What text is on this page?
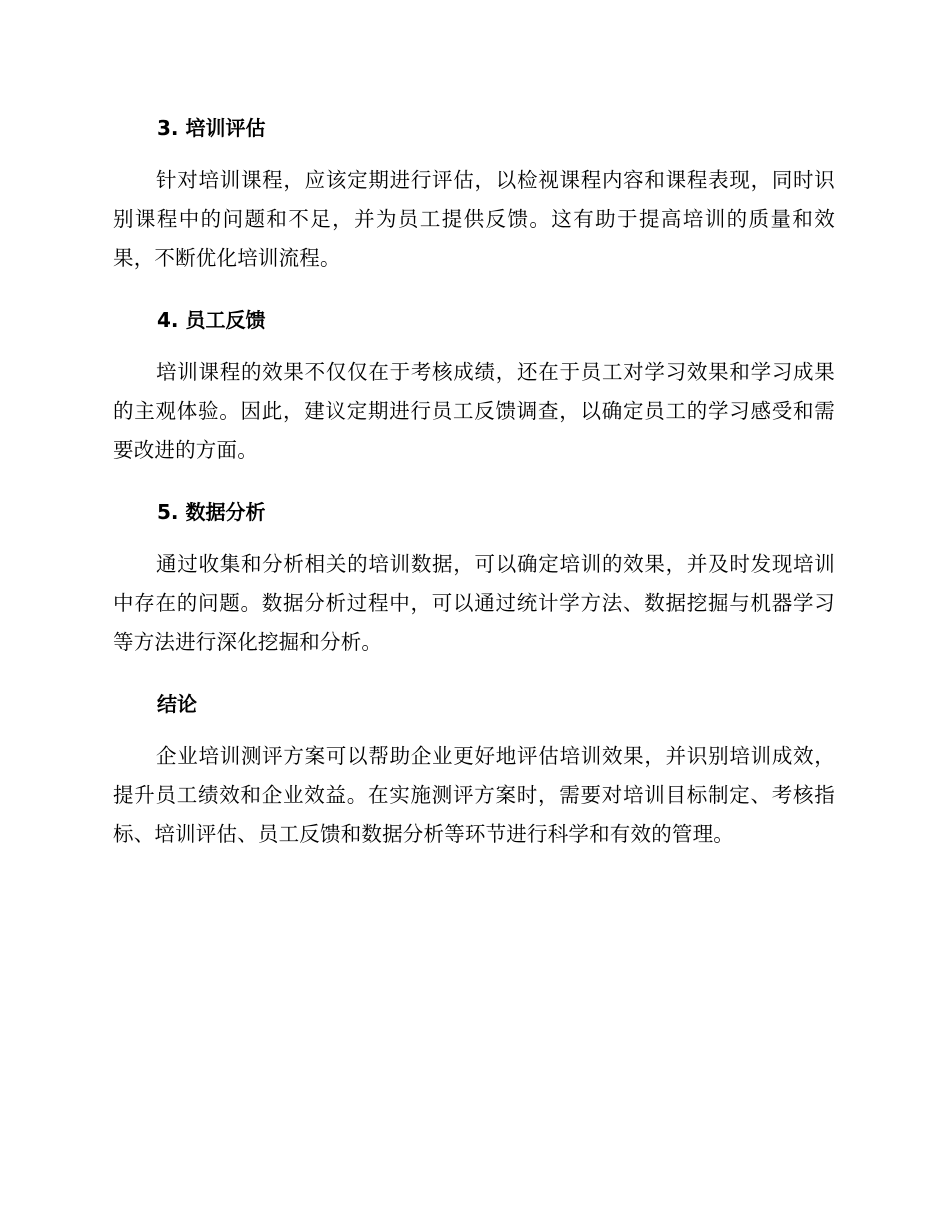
3. 培训评估

针对培训课程，应该定期进行评估，以检视课程内容和课程表现，同时识别课程中的问题和不足，并为员工提供反馈。这有助于提高培训的质量和效果，不断优化培训流程。

4. 员工反馈

培训课程的效果不仅仅在于考核成绩，还在于员工对学习效果和学习成果的主观体验。因此，建议定期进行员工反馈调查，以确定员工的学习感受和需要改进的方面。

5. 数据分析

通过收集和分析相关的培训数据，可以确定培训的效果，并及时发现培训中存在的问题。数据分析过程中，可以通过统计学方法、数据挖掘与机器学习等方法进行深化挖掘和分析。

结论

企业培训测评方案可以帮助企业更好地评估培训效果，并识别培训成效，提升员工绩效和企业效益。在实施测评方案时，需要对培训目标制定、考核指标、培训评估、员工反馈和数据分析等环节进行科学和有效的管理。
